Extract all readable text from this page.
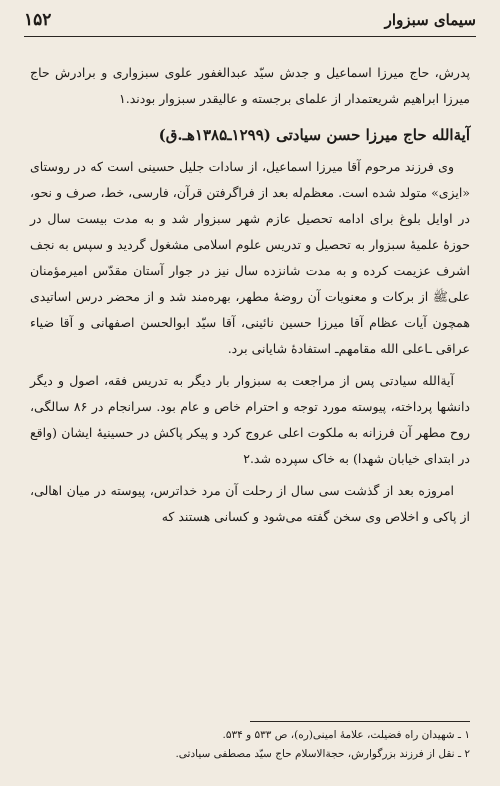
۱۵۲	سیمای سبزوار

پدرش، حاج میرزا اسماعیل و جدش سیّد عبدالغفور علوی سبزواری و برادرش حاج میرزا ابراهیم شریعتمدار از علمای برجسته و عالیقدر سبزوار بودند.۱

آیةالله حاج میرزا حسن سیادتی (۱۲۹۹ـ۱۳۸۵هـ.ق)

وی فرزند مرحوم آقا میرزا اسماعیل، از سادات جلیل حسینی است که در روستای «ایزی» متولد شده است. معظم‌له بعد از فراگرفتن قرآن، فارسی، خط، صرف و نحو، در اوایل بلوغ برای ادامه تحصیل عازم شهر سبزوار شد و به مدت بیست سال در حوزهٔ علمیهٔ سبزوار به تحصیل و تدریس علوم اسلامی مشغول گردید و سپس به نجف اشرف عزیمت کرده و به مدت شانزده سال نیز در جوار آستان مقدّس امیرمؤمنان علی‌ﷺ از برکات و معنویات آن روضهٔ مطهر، بهره‌مند شد و از محضر درس اساتیدی همچون آیات عظام آقا میرزا حسین نائینی، آقا سیّد ابوالحسن اصفهانی و آقا ضیاء عراقی ـاعلی الله مقامهم‌ـ استفادهٔ شایانی برد.

آیةالله سیادتی پس از مراجعت به سبزوار بار دیگر به تدریس فقه، اصول و دیگر دانشها پرداخته، پیوسته مورد توجه و احترام خاص و عام بود. سرانجام در ۸۶ سالگی، روح مطهر آن فرزانه به ملکوت اعلی عروج کرد و پیکر پاکش در حسینیهٔ ایشان (واقع در ابتدای خیابان شهدا) به خاک سپرده شد.۲

امروزه بعد از گذشت سی سال از رحلت آن مرد خداترس، پیوسته در میان اهالی، از پاکی و اخلاص وی سخن گفته می‌شود و کسانی هستند که

۱ ـ شهیدان راه فضیلت، علامهٔ امینی(ره)، ص ۵۳۳ و ۵۳۴.
۲ ـ نقل از فرزند بزرگوارش، حجةالاسلام حاج سیّد مصطفی سیادتی.
